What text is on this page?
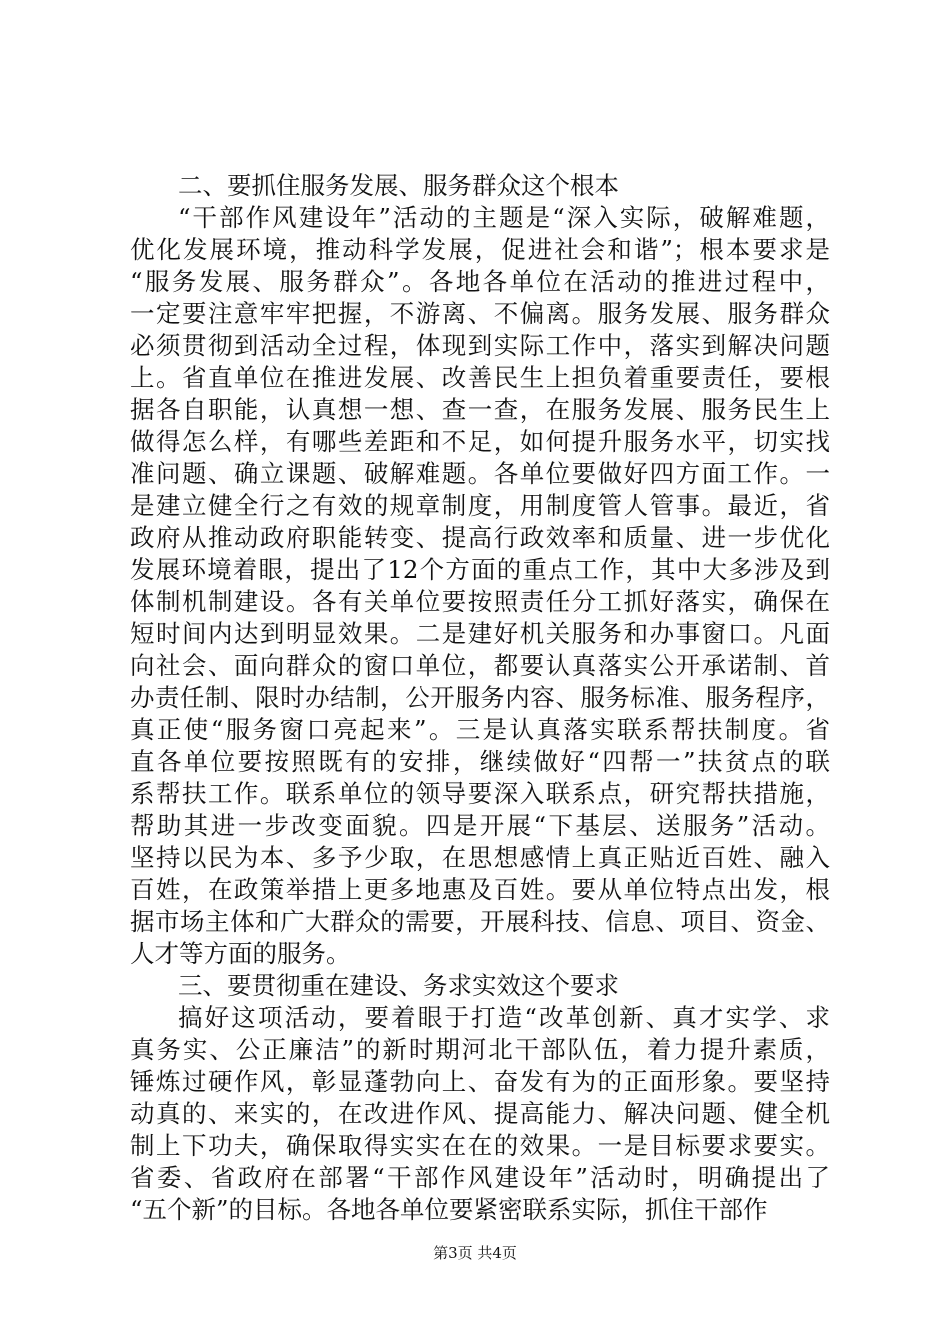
二、要抓住服务发展、服务群众这个根本
“干部作风建设年”活动的主题是“深入实际，破解难题，
优化发展环境，推动科学发展，促进社会和谐”；根本要求是
“服务发展、服务群众”。各地各单位在活动的推进过程中，
一定要注意牢牢把握，不游离、不偏离。服务发展、服务群众
必须贯彻到活动全过程，体现到实际工作中，落实到解决问题
上。省直单位在推进发展、改善民生上担负着重要责任，要根
据各自职能，认真想一想、查一查，在服务发展、服务民生上
做得怎么样，有哪些差距和不足，如何提升服务水平，切实找
准问题、确立课题、破解难题。各单位要做好四方面工作。一
是建立健全行之有效的规章制度，用制度管人管事。最近，省
政府从推动政府职能转变、提高行政效率和质量、进一步优化
发展环境着眼，提出了12个方面的重点工作，其中大多涉及到
体制机制建设。各有关单位要按照责任分工抓好落实，确保在
短时间内达到明显效果。二是建好机关服务和办事窗口。凡面
向社会、面向群众的窗口单位，都要认真落实公开承诺制、首
办责任制、限时办结制，公开服务内容、服务标准、服务程序，
真正使“服务窗口亮起来”。三是认真落实联系帮扶制度。省
直各单位要按照既有的安排，继续做好“四帮一”扶贫点的联
系帮扶工作。联系单位的领导要深入联系点，研究帮扶措施，
帮助其进一步改变面貌。四是开展“下基层、送服务”活动。
坚持以民为本、多予少取，在思想感情上真正贴近百姓、融入
百姓，在政策举措上更多地惠及百姓。要从单位特点出发，根
据市场主体和广大群众的需要，开展科技、信息、项目、资金、
人才等方面的服务。
三、要贯彻重在建设、务求实效这个要求
搞好这项活动，要着眼于打造“改革创新、真才实学、求
真务实、公正廉洁”的新时期河北干部队伍，着力提升素质，
锤炼过硬作风，彰显蓬勃向上、奋发有为的正面形象。要坚持
动真的、来实的，在改进作风、提高能力、解决问题、健全机
制上下功夫，确保取得实实在在的效果。一是目标要求要实。
省委、省政府在部署“干部作风建设年”活动时，明确提出了
“五个新”的目标。各地各单位要紧密联系实际，抓住干部作
第3页 共4页
